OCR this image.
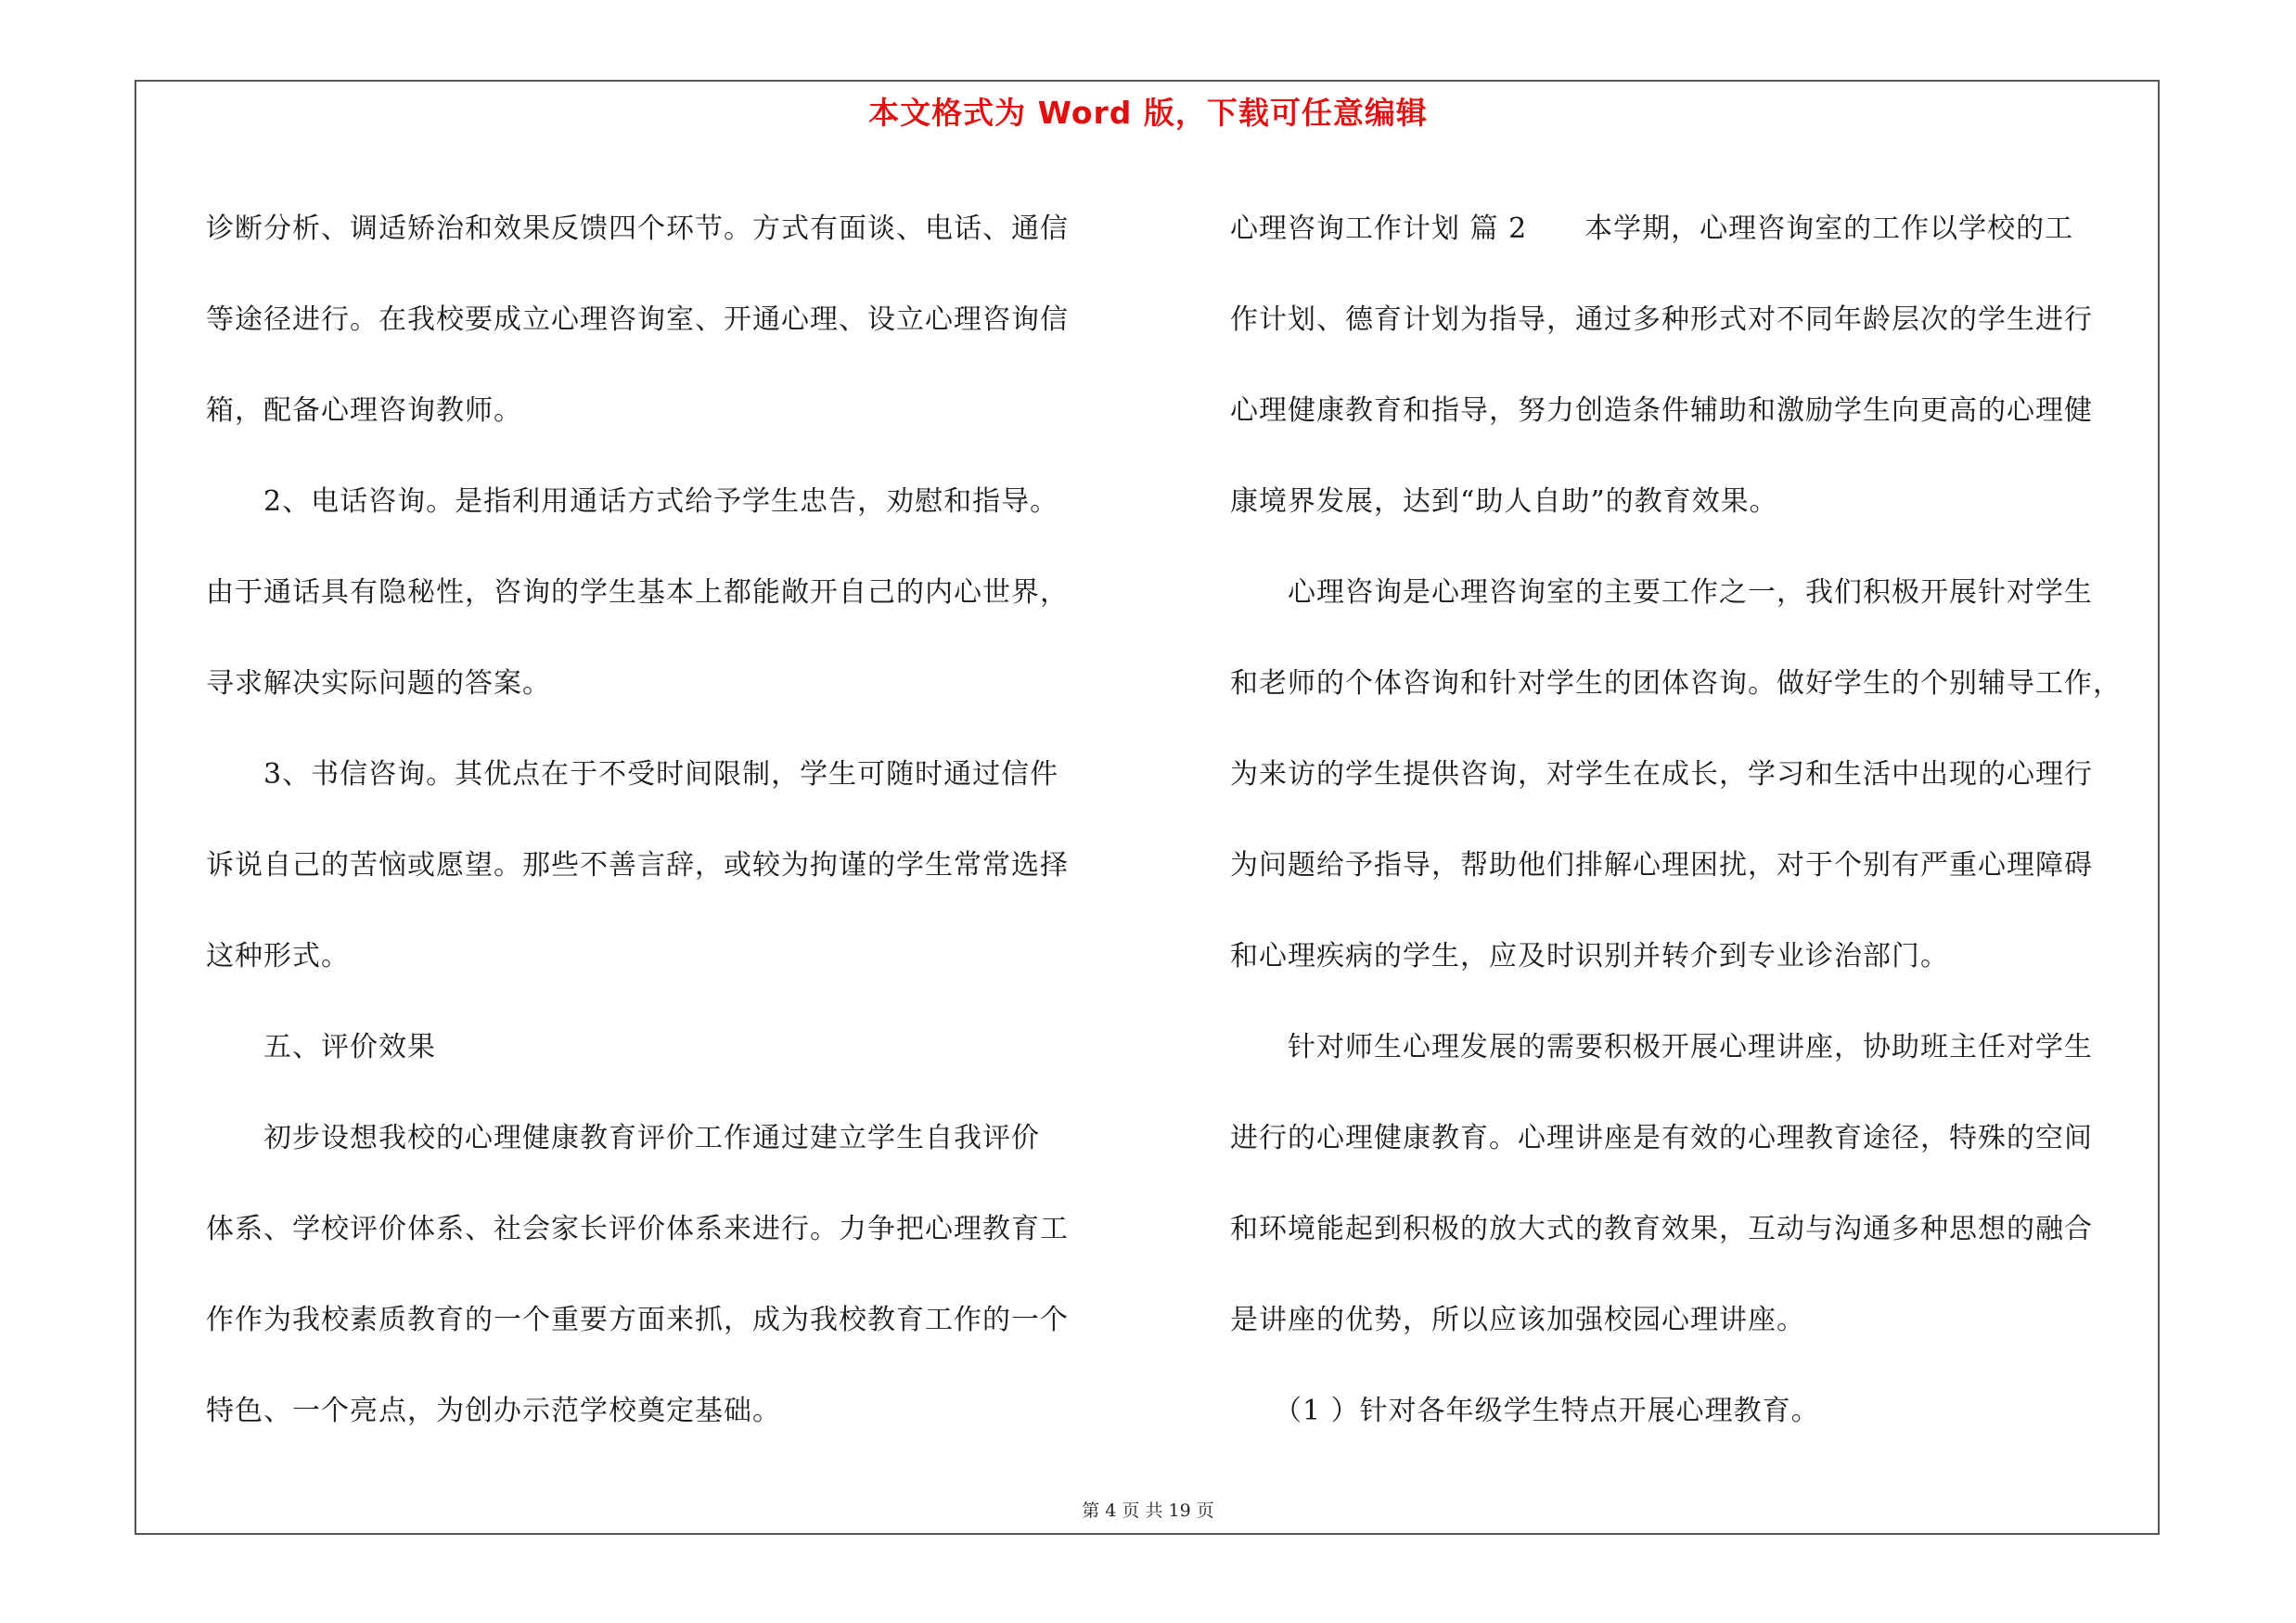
本文格式为 Word 版，下载可任意编辑
诊断分析、调适矫治和效果反馈四个环节。方式有面谈、电话、通信
等途径进行。在我校要成立心理咨询室、开通心理、设立心理咨询信
箱，配备心理咨询教师。
　　2、电话咨询。是指利用通话方式给予学生忠告，劝慰和指导。
由于通话具有隐秘性，咨询的学生基本上都能敞开自己的内心世界，
寻求解决实际问题的答案。
　　3、书信咨询。其优点在于不受时间限制，学生可随时通过信件
诉说自己的苦恼或愿望。那些不善言辞，或较为拘谨的学生常常选择
这种形式。
　　五、评价效果
　　初步设想我校的心理健康教育评价工作通过建立学生自我评价
体系、学校评价体系、社会家长评价体系来进行。力争把心理教育工
作作为我校素质教育的一个重要方面来抓，成为我校教育工作的一个
特色、一个亮点，为创办示范学校奠定基础。
心理咨询工作计划 篇 2　　本学期，心理咨询室的工作以学校的工
作计划、德育计划为指导，通过多种形式对不同年龄层次的学生进行
心理健康教育和指导，努力创造条件辅助和激励学生向更高的心理健
康境界发展，达到“助人自助”的教育效果。
　　心理咨询是心理咨询室的主要工作之一，我们积极开展针对学生
和老师的个体咨询和针对学生的团体咨询。做好学生的个别辅导工作，
为来访的学生提供咨询，对学生在成长，学习和生活中出现的心理行
为问题给予指导，帮助他们排解心理困扰，对于个别有严重心理障碍
和心理疾病的学生，应及时识别并转介到专业诊治部门。
　　针对师生心理发展的需要积极开展心理讲座，协助班主任对学生
进行的心理健康教育。心理讲座是有效的心理教育途径，特殊的空间
和环境能起到积极的放大式的教育效果，互动与沟通多种思想的融合
是讲座的优势，所以应该加强校园心理讲座。
　　（1 ）针对各年级学生特点开展心理教育。
第 4 页 共 19 页
